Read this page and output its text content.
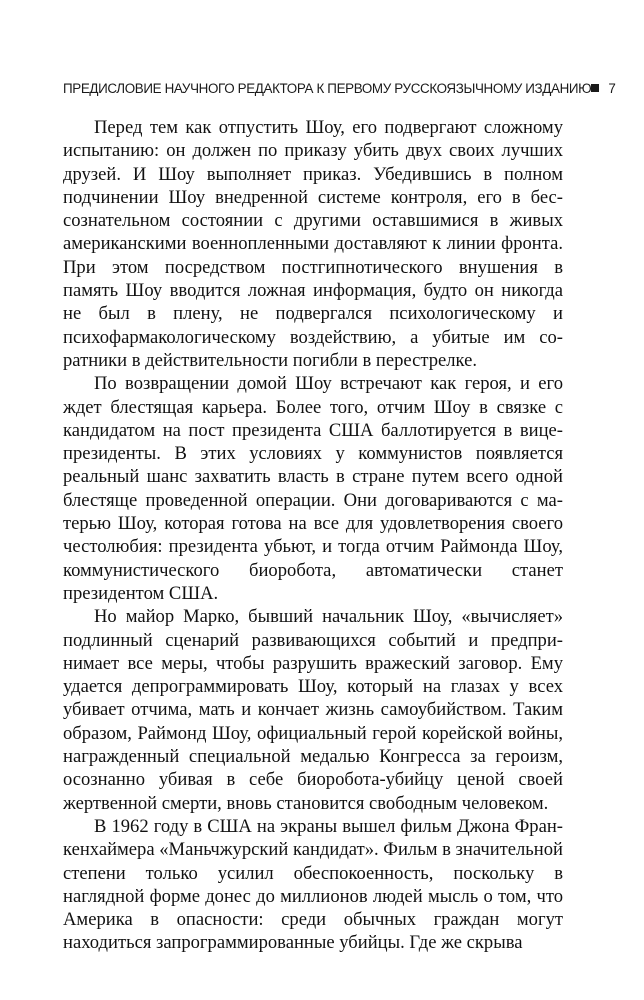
ПРЕДИСЛОВИЕ НАУЧНОГО РЕДАКТОРА К ПЕРВОМУ РУССКОЯЗЫЧНОМУ ИЗДАНИЮ 7

Перед тем как отпустить Шоу, его подвергают сложному испытанию: он должен по приказу убить двух своих лучших друзей. И Шоу выполняет приказ. Убедившись в полном подчинении Шоу внедренной системе контроля, его в бессознательном состоянии с другими оставшимися в живых американскими военнопленными доставляют к линии фронта. При этом посредством постгипнотического внушения в память Шоу вводится ложная информация, будто он никогда не был в плену, не подвергался психологическому и психофармакологическому воздействию, а убитые им соратники в действительности погибли в перестрелке.

По возвращении домой Шоу встречают как героя, и его ждет блестящая карьера. Более того, отчим Шоу в связке с кандидатом на пост президента США баллотируется в вице-президенты. В этих условиях у коммунистов появляется реальный шанс захватить власть в стране путем всего одной блестяще проведенной операции. Они договариваются с матерью Шоу, которая готова на все для удовлетворения своего честолюбия: президента убьют, и тогда отчим Раймонда Шоу, коммунистического биоробота, автоматически станет президентом США.

Но майор Марко, бывший начальник Шоу, «вычисляет» подлинный сценарий развивающихся событий и предпринимает все меры, чтобы разрушить вражеский заговор. Ему удается депрограммировать Шоу, который на глазах у всех убивает отчима, мать и кончает жизнь самоубийством. Таким образом, Раймонд Шоу, официальный герой корейской войны, награжденный специальной медалью Конгресса за героизм, осознанно убивая в себе биоробота-убийцу ценой своей жертвенной смерти, вновь становится свободным человеком.

В 1962 году в США на экраны вышел фильм Джона Франкенхаймера «Маньчжурский кандидат». Фильм в значительной степени только усилил обеспокоенность, поскольку в наглядной форме донес до миллионов людей мысль о том, что Америка в опасности: среди обычных граждан могут находиться запрограммированные убийцы. Где же скрыва
